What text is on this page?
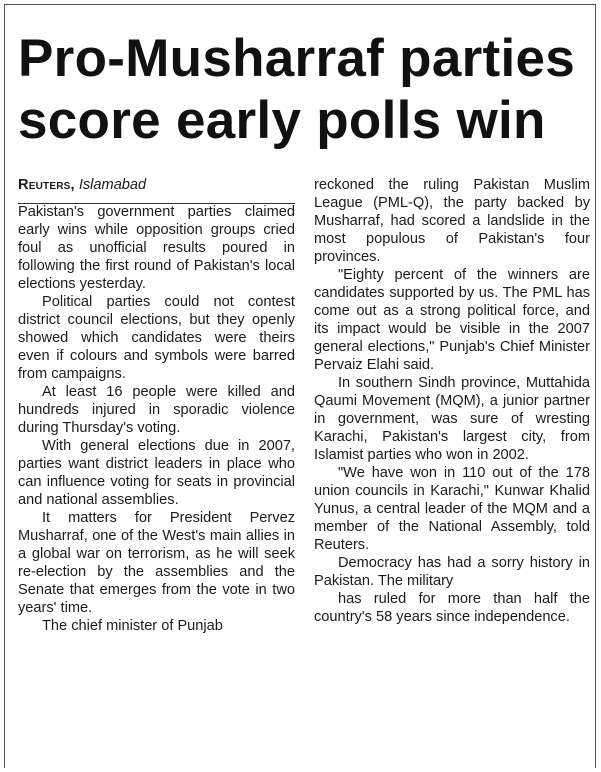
Pro-Musharraf parties
score early polls win
Reuters, Islamabad

Pakistan's government parties claimed early wins while opposition groups cried foul as unofficial results poured in following the first round of Pakistan's local elections yesterday.

Political parties could not contest district council elections, but they openly showed which candidates were theirs even if colours and symbols were barred from campaigns.

At least 16 people were killed and hundreds injured in sporadic violence during Thursday's voting.

With general elections due in 2007, parties want district leaders in place who can influence voting for seats in provincial and national assemblies.

It matters for President Pervez Musharraf, one of the West's main allies in a global war on terrorism, as he will seek re-election by the assemblies and the Senate that emerges from the vote in two years' time.

The chief minister of Punjab

reckoned the ruling Pakistan Muslim League (PML-Q), the party backed by Musharraf, had scored a landslide in the most populous of Pakistan's four provinces.

"Eighty percent of the winners are candidates supported by us. The PML has come out as a strong political force, and its impact would be visible in the 2007 general elections," Punjab's Chief Minister Pervaiz Elahi said.

In southern Sindh province, Muttahida Qaumi Movement (MQM), a junior partner in government, was sure of wresting Karachi, Pakistan's largest city, from Islamist parties who won in 2002.

"We have won in 110 out of the 178 union councils in Karachi," Kunwar Khalid Yunus, a central leader of the MQM and a member of the National Assembly, told Reuters.

Democracy has had a sorry history in Pakistan. The military

has ruled for more than half the country's 58 years since independence.
